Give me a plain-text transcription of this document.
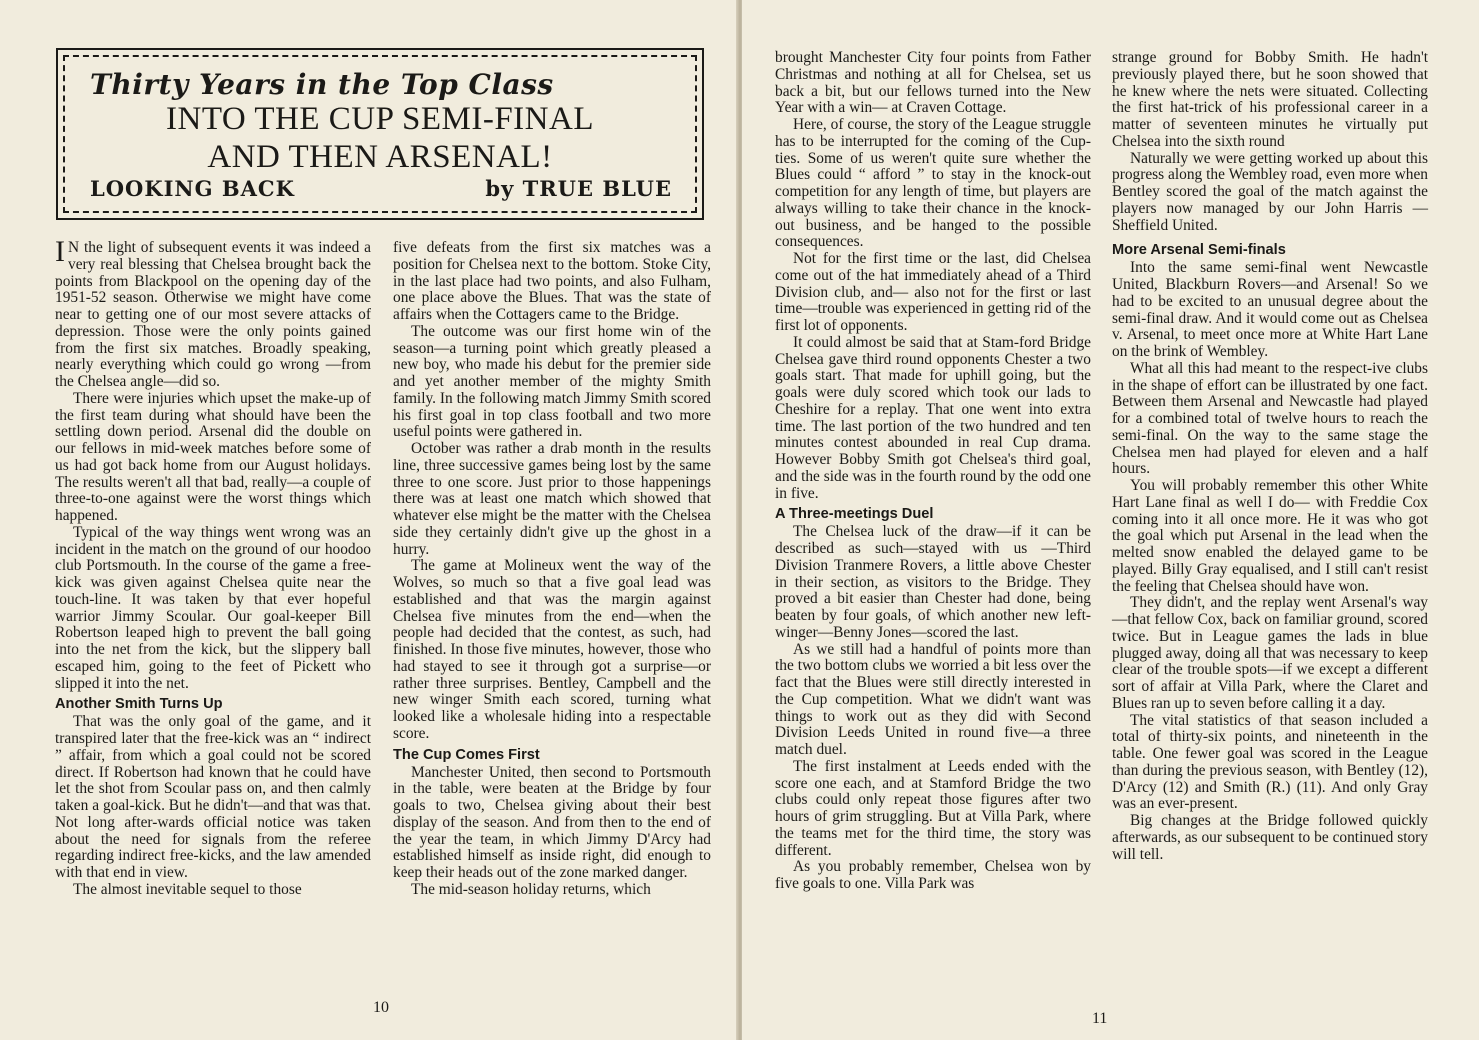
Thirty Years in the Top Class
INTO THE CUP SEMI-FINAL
AND THEN ARSENAL!
LOOKING BACK	by TRUE BLUE

I N the light of subsequent events it was indeed a very real blessing that Chelsea brought back the points from Blackpool on the opening day of the 1951-52 season. Otherwise we might have come near to getting one of our most severe attacks of depression. Those were the only points gained from the first six matches. Broadly speaking, nearly everything which could go wrong —from the Chelsea angle—did so.

There were injuries which upset the make-up of the first team during what should have been the settling down period. Arsenal did the double on our fellows in mid-week matches before some of us had got back home from our August holidays. The results weren't all that bad, really—a couple of three-to-one against were the worst things which happened.

Typical of the way things went wrong was an incident in the match on the ground of our hoodoo club Portsmouth. In the course of the game a free-kick was given against Chelsea quite near the touch-line. It was taken by that ever hopeful warrior Jimmy Scoular. Our goal-keeper Bill Robertson leaped high to prevent the ball going into the net from the kick, but the slippery ball escaped him, going to the feet of Pickett who slipped it into the net.

Another Smith Turns Up

That was the only goal of the game, and it transpired later that the free-kick was an “ indirect ” affair, from which a goal could not be scored direct. If Robertson had known that he could have let the shot from Scoular pass on, and then calmly taken a goal-kick. But he didn't—and that was that. Not long after-wards official notice was taken about the need for signals from the referee regarding indirect free-kicks, and the law amended with that end in view.

The almost inevitable sequel to those

five defeats from the first six matches was a position for Chelsea next to the bottom. Stoke City, in the last place had two points, and also Fulham, one place above the Blues. That was the state of affairs when the Cottagers came to the Bridge.

The outcome was our first home win of the season—a turning point which greatly pleased a new boy, who made his debut for the premier side and yet another member of the mighty Smith family. In the following match Jimmy Smith scored his first goal in top class football and two more useful points were gathered in.

October was rather a drab month in the results line, three successive games being lost by the same three to one score. Just prior to those happenings there was at least one match which showed that whatever else might be the matter with the Chelsea side they certainly didn't give up the ghost in a hurry.

The game at Molineux went the way of the Wolves, so much so that a five goal lead was established and that was the margin against Chelsea five minutes from the end—when the people had decided that the contest, as such, had finished. In those five minutes, however, those who had stayed to see it through got a surprise—or rather three surprises. Bentley, Campbell and the new winger Smith each scored, turning what looked like a wholesale hiding into a respectable score.

The Cup Comes First

Manchester United, then second to Portsmouth in the table, were beaten at the Bridge by four goals to two, Chelsea giving about their best display of the season. And from then to the end of the year the team, in which Jimmy D'Arcy had established himself as inside right, did enough to keep their heads out of the zone marked danger.

The mid-season holiday returns, which

10

brought Manchester City four points from Father Christmas and nothing at all for Chelsea, set us back a bit, but our fellows turned into the New Year with a win— at Craven Cottage.

Here, of course, the story of the League struggle has to be interrupted for the coming of the Cup-ties. Some of us weren't quite sure whether the Blues could “ afford ” to stay in the knock-out competition for any length of time, but players are always willing to take their chance in the knock-out business, and be hanged to the possible consequences.

Not for the first time or the last, did Chelsea come out of the hat immediately ahead of a Third Division club, and— also not for the first or last time—trouble was experienced in getting rid of the first lot of opponents.

It could almost be said that at Stam-ford Bridge Chelsea gave third round opponents Chester a two goals start. That made for uphill going, but the goals were duly scored which took our lads to Cheshire for a replay. That one went into extra time. The last portion of the two hundred and ten minutes contest abounded in real Cup drama. However Bobby Smith got Chelsea's third goal, and the side was in the fourth round by the odd one in five.

A Three-meetings Duel

The Chelsea luck of the draw—if it can be described as such—stayed with us —Third Division Tranmere Rovers, a little above Chester in their section, as visitors to the Bridge. They proved a bit easier than Chester had done, being beaten by four goals, of which another new left-winger—Benny Jones—scored the last.

As we still had a handful of points more than the two bottom clubs we worried a bit less over the fact that the Blues were still directly interested in the Cup competition. What we didn't want was things to work out as they did with Second Division Leeds United in round five—a three match duel.

The first instalment at Leeds ended with the score one each, and at Stamford Bridge the two clubs could only repeat those figures after two hours of grim struggling. But at Villa Park, where the teams met for the third time, the story was different.

As you probably remember, Chelsea won by five goals to one. Villa Park was

strange ground for Bobby Smith. He hadn't previously played there, but he soon showed that he knew where the nets were situated. Collecting the first hat-trick of his professional career in a matter of seventeen minutes he virtually put Chelsea into the sixth round

Naturally we were getting worked up about this progress along the Wembley road, even more when Bentley scored the goal of the match against the players now managed by our John Harris — Sheffield United.

More Arsenal Semi-finals

Into the same semi-final went Newcastle United, Blackburn Rovers—and Arsenal! So we had to be excited to an unusual degree about the semi-final draw. And it would come out as Chelsea v. Arsenal, to meet once more at White Hart Lane on the brink of Wembley.

What all this had meant to the respect-ive clubs in the shape of effort can be illustrated by one fact. Between them Arsenal and Newcastle had played for a combined total of twelve hours to reach the semi-final. On the way to the same stage the Chelsea men had played for eleven and a half hours.

You will probably remember this other White Hart Lane final as well I do— with Freddie Cox coming into it all once more. He it was who got the goal which put Arsenal in the lead when the melted snow enabled the delayed game to be played. Billy Gray equalised, and I still can't resist the feeling that Chelsea should have won.

They didn't, and the replay went Arsenal's way—that fellow Cox, back on familiar ground, scored twice. But in League games the lads in blue plugged away, doing all that was necessary to keep clear of the trouble spots—if we except a different sort of affair at Villa Park, where the Claret and Blues ran up to seven before calling it a day.

The vital statistics of that season included a total of thirty-six points, and nineteenth in the table. One fewer goal was scored in the League than during the previous season, with Bentley (12), D'Arcy (12) and Smith (R.) (11). And only Gray was an ever-present.

Big changes at the Bridge followed quickly afterwards, as our subsequent to be continued story will tell.

11
